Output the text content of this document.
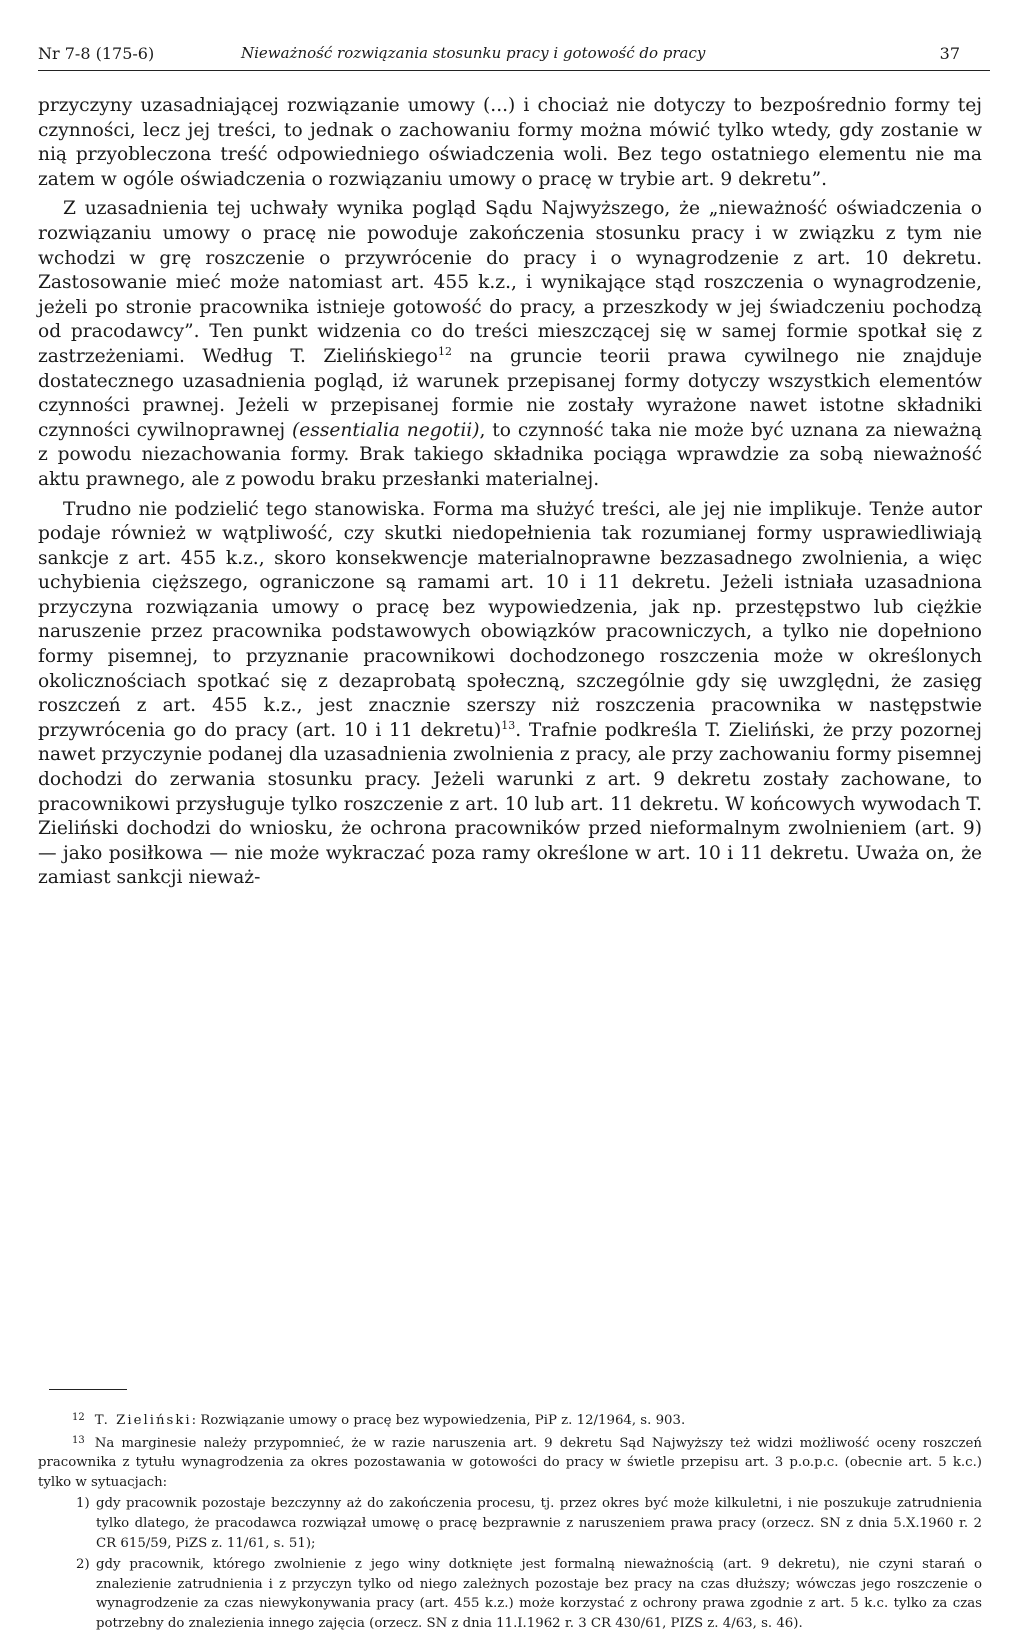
Nr 7-8 (175-6)	Nieważność rozwiązania stosunku pracy i gotowość do pracy	37

przyczyny uzasadniającej rozwiązanie umowy (...) i chociaż nie dotyczy to bezpośrednio formy tej czynności, lecz jej treści, to jednak o zachowaniu formy można mówić tylko wtedy, gdy zostanie w nią przyobleczona treść odpowiedniego oświadczenia woli. Bez tego ostatniego elementu nie ma zatem w ogóle oświadczenia o rozwiązaniu umowy o pracę w trybie art. 9 dekretu”.

Z uzasadnienia tej uchwały wynika pogląd Sądu Najwyższego, że „nieważność oświadczenia o rozwiązaniu umowy o pracę nie powoduje zakończenia stosunku pracy i w związku z tym nie wchodzi w grę roszczenie o przywrócenie do pracy i o wynagrodzenie z art. 10 dekretu. Zastosowanie mieć może natomiast art. 455 k.z., i wynikające stąd roszczenia o wynagrodzenie, jeżeli po stronie pracownika istnieje gotowość do pracy, a przeszkody w jej świadczeniu pochodzą od pracodawcy”. Ten punkt widzenia co do treści mieszczącej się w samej formie spotkał się z zastrzeżeniami. Według T. Zielińskiego$^{12}$ na gruncie teorii prawa cywilnego nie znajduje dostatecznego uzasadnienia pogląd, iż warunek przepisanej formy dotyczy wszystkich elementów czynności prawnej. Jeżeli w przepisanej formie nie zostały wyrażone nawet istotne składniki czynności cywilnoprawnej (essentialia negotii), to czynność taka nie może być uznana za nieważną z powodu niezachowania formy. Brak takiego składnika pociąga wprawdzie za sobą nieważność aktu prawnego, ale z powodu braku przesłanki materialnej.

Trudno nie podzielić tego stanowiska. Forma ma służyć treści, ale jej nie implikuje. Tenże autor podaje również w wątpliwość, czy skutki niedopełnienia tak rozumianej formy usprawiedliwiają sankcje z art. 455 k.z., skoro konsekwencje materialnoprawne bezzasadnego zwolnienia, a więc uchybienia cięższego, ograniczone są ramami art. 10 i 11 dekretu. Jeżeli istniała uzasadniona przyczyna rozwiązania umowy o pracę bez wypowiedzenia, jak np. przestępstwo lub ciężkie naruszenie przez pracownika podstawowych obowiązków pracowniczych, a tylko nie dopełniono formy pisemnej, to przyznanie pracownikowi dochodzonego roszczenia może w określonych okolicznościach spotkać się z dezaprobatą społeczną, szczególnie gdy się uwzględni, że zasięg roszczeń z art. 455 k.z., jest znacznie szerszy niż roszczenia pracownika w następstwie przywrócenia go do pracy (art. 10 i 11 dekretu)$^{13}$. Trafnie podkreśla T. Zieliński, że przy pozornej nawet przyczynie podanej dla uzasadnienia zwolnienia z pracy, ale przy zachowaniu formy pisemnej dochodzi do zerwania stosunku pracy. Jeżeli warunki z art. 9 dekretu zostały zachowane, to pracownikowi przysługuje tylko roszczenie z art. 10 lub art. 11 dekretu. W końcowych wywodach T. Zieliński dochodzi do wniosku, że ochrona pracowników przed nieformalnym zwolnieniem (art. 9) — jako posiłkowa — nie może wykraczać poza ramy określone w art. 10 i 11 dekretu. Uważa on, że zamiast sankcji nieważ-

$^{12}$ T. Zieliński: Rozwiązanie umowy o pracę bez wypowiedzenia, PiP z. 12/1964, s. 903.

$^{13}$ Na marginesie należy przypomnieć, że w razie naruszenia art. 9 dekretu Sąd Najwyższy też widzi możliwość oceny roszczeń pracownika z tytułu wynagrodzenia za okres pozostawania w gotowości do pracy w świetle przepisu art. 3 p.o.p.c. (obecnie art. 5 k.c.) tylko w sytuacjach:

1) gdy pracownik pozostaje bezczynny aż do zakończenia procesu, tj. przez okres być może kilkuletni, i nie poszukuje zatrudnienia tylko dlatego, że pracodawca rozwiązał umowę o pracę bezprawnie z naruszeniem prawa pracy (orzecz. SN z dnia 5.X.1960 r. 2 CR 615/59, PiZS z. 11/61, s. 51);
2) gdy pracownik, którego zwolnienie z jego winy dotknięte jest formalną nieważnością (art. 9 dekretu), nie czyni starań o znalezienie zatrudnienia i z przyczyn tylko od niego zależnych pozostaje bez pracy na czas dłuższy; wówczas jego roszczenie o wynagrodzenie za czas niewykonywania pracy (art. 455 k.z.) może korzystać z ochrony prawa zgodnie z art. 5 k.c. tylko za czas potrzebny do znalezienia innego zajęcia (orzecz. SN z dnia 11.I.1962 r. 3 CR 430/61, PIZS z. 4/63, s. 46).
